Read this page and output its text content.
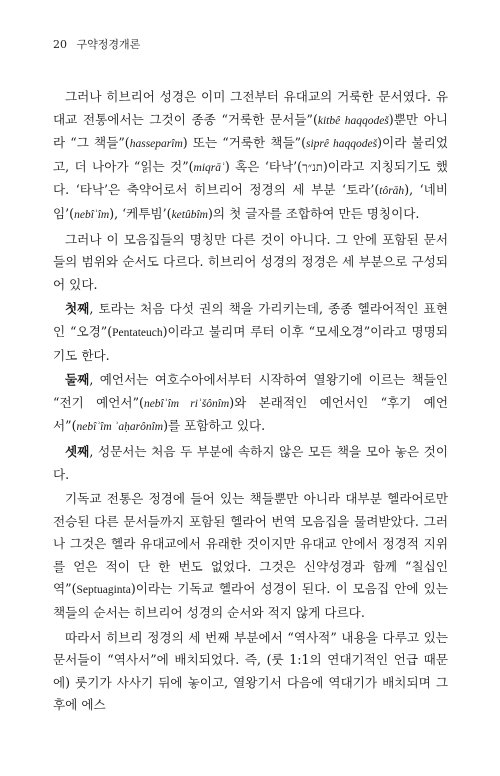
20 구약정경개론

그러나 히브리어 성경은 이미 그전부터 유대교의 거룩한 문서였다. 유대교 전통에서는 그것이 종종 “거룩한 문서들”(kitbê haqqodeš)뿐만 아니라 “그 책들”(hasseparîm) 또는 “거룩한 책들”(siprê haqqodeš)이라 불리었고, 더 나아가 “읽는 것”(miqrāʾ) 혹은 ‘타낙’(תנ״ך)이라고 지칭되기도 했다. ‘타낙’은 축약어로서 히브리어 정경의 세 부분 ‘토라’(tôrāh), ‘네비임’(nebîʾîm), ‘케투빔’(ketûbîm)의 첫 글자를 조합하여 만든 명칭이다.

그러나 이 모음집들의 명칭만 다른 것이 아니다. 그 안에 포함된 문서들의 범위와 순서도 다르다. 히브리어 성경의 정경은 세 부분으로 구성되어 있다.

첫째, 토라는 처음 다섯 권의 책을 가리키는데, 종종 헬라어적인 표현인 “오경”(Pentateuch)이라고 불리며 루터 이후 “모세오경”이라고 명명되기도 한다.

둘째, 예언서는 여호수아에서부터 시작하여 열왕기에 이르는 책들인 “전기 예언서”(nebîʾîm riʾšônîm)와 본래적인 예언서인 “후기 예언서”(nebîʾîm ʾaḥarônîm)를 포함하고 있다.

셋째, 성문서는 처음 두 부분에 속하지 않은 모든 책을 모아 놓은 것이다.

기독교 전통은 정경에 들어 있는 책들뿐만 아니라 대부분 헬라어로만 전승된 다른 문서들까지 포함된 헬라어 번역 모음집을 물려받았다. 그러나 그것은 헬라 유대교에서 유래한 것이지만 유대교 안에서 정경적 지위를 얻은 적이 단 한 번도 없었다. 그것은 신약성경과 함께 “칠십인역”(Septuaginta)이라는 기독교 헬라어 성경이 된다. 이 모음집 안에 있는 책들의 순서는 히브리어 성경의 순서와 적지 않게 다르다.

따라서 히브리 정경의 세 번째 부분에서 “역사적” 내용을 다루고 있는 문서들이 “역사서”에 배치되었다. 즉, (룻 1:1의 연대기적인 언급 때문에) 룻기가 사사기 뒤에 놓이고, 열왕기서 다음에 역대기가 배치되며 그 후에 에스
